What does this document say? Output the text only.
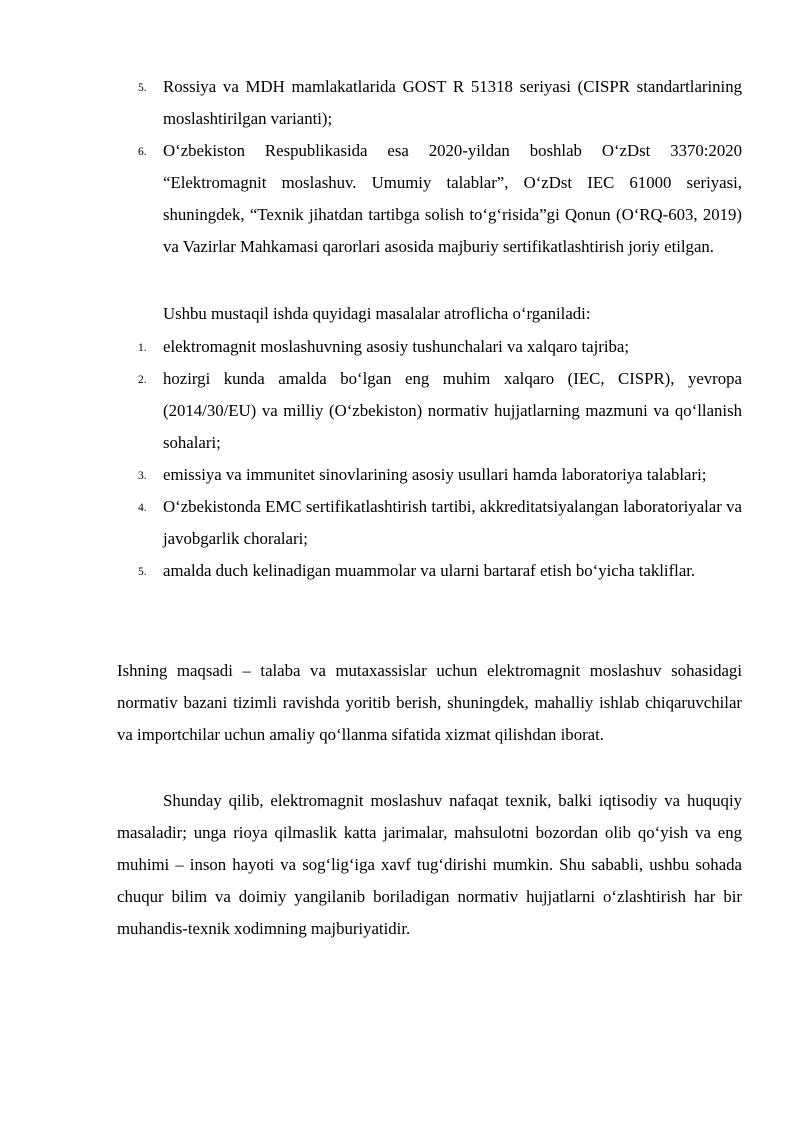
5. Rossiya va MDH mamlakatlarida GOST R 51318 seriyasi (CISPR standartlarining moslashtirilgan varianti);
6. O‘zbekiston Respublikasida esa 2020-yildan boshlab O‘zDst 3370:2020 “Elektromagnit moslashuv. Umumiy talablar”, O‘zDst IEC 61000 seriyasi, shuningdek, “Texnik jihatdan tartibga solish to‘g‘risida”gi Qonun (O‘RQ-603, 2019) va Vazirlar Mahkamasi qarorlari asosida majburiy sertifikatlashtirish joriy etilgan.
Ushbu mustaqil ishda quyidagi masalalar atroflicha o‘rganiladi:
1. elektromagnit moslashuvning asosiy tushunchalari va xalqaro tajriba;
2. hozirgi kunda amalda bo‘lgan eng muhim xalqaro (IEC, CISPR), yevropa (2014/30/EU) va milliy (O‘zbekiston) normativ hujjatlarning mazmuni va qo‘llanish sohalari;
3. emissiya va immunitet sinovlarining asosiy usullari hamda laboratoriya talablari;
4. O‘zbekistonda EMC sertifikatlashtirish tartibi, akkreditatsiyalangan laboratoriyalar va javobgarlik choralari;
5. amalda duch kelinadigan muammolar va ularni bartaraf etish bo‘yicha takliflar.

Ishning maqsadi – talaba va mutaxassislar uchun elektromagnit moslashuv sohasidagi normativ bazani tizimli ravishda yoritib berish, shuningdek, mahalliy ishlab chiqaruvchilar va importchilar uchun amaliy qo‘llanma sifatida xizmat qilishdan iborat.

Shunday qilib, elektromagnit moslashuv nafaqat texnik, balki iqtisodiy va huquqiy masaladir; unga rioya qilmaslik katta jarimalar, mahsulotni bozordan olib qo‘yish va eng muhimi – inson hayoti va sog‘lig‘iga xavf tug‘dirishi mumkin. Shu sababli, ushbu sohada chuqur bilim va doimiy yangilanib boriladigan normativ hujjatlarni o‘zlashtirish har bir muhandis-texnik xodimning majburiyatidir.
